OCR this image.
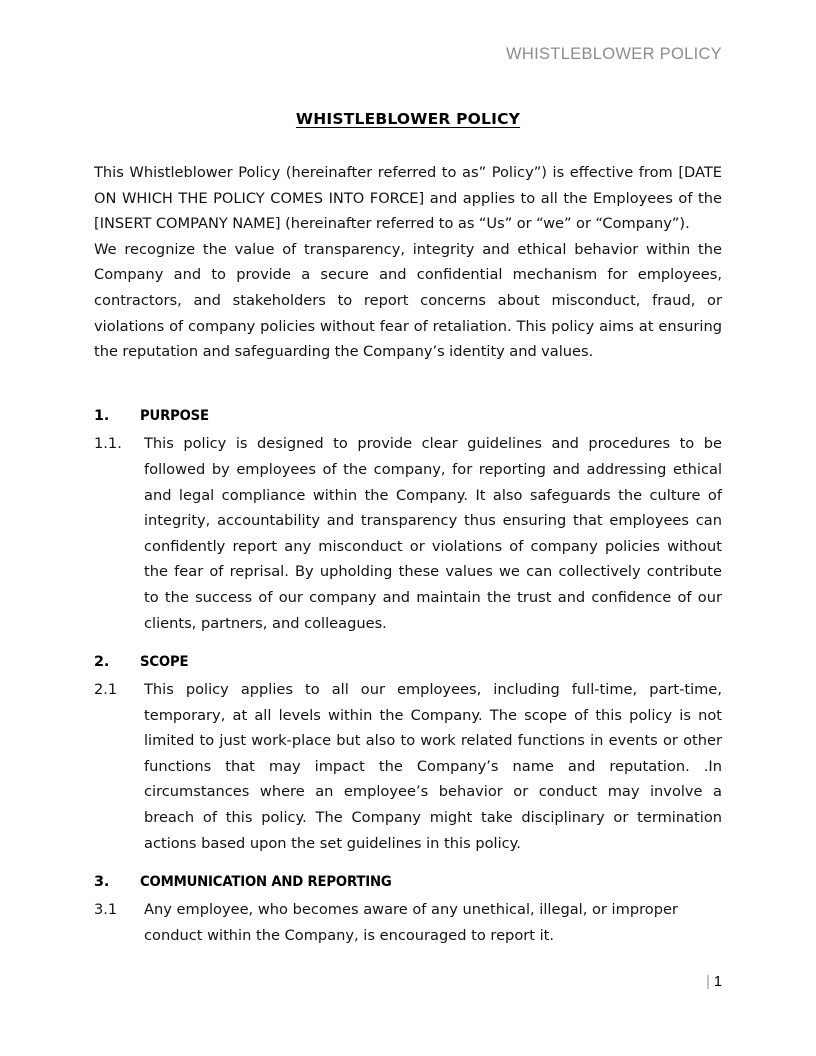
WHISTLEBLOWER POLICY
WHISTLEBLOWER POLICY

This Whistleblower Policy (hereinafter referred to as” Policy”) is effective from [DATE ON WHICH THE POLICY COMES INTO FORCE] and applies to all the Employees of the [INSERT COMPANY NAME] (hereinafter referred to as “Us” or “we” or “Company”).

We recognize the value of transparency, integrity and ethical behavior within the Company and to provide a secure and confidential mechanism for employees, contractors, and stakeholders to report concerns about misconduct, fraud, or violations of company policies without fear of retaliation. This policy aims at ensuring the reputation and safeguarding the Company’s identity and values.

1.	PURPOSE
1.1.	This policy is designed to provide clear guidelines and procedures to be followed by employees of the company, for reporting and addressing ethical and legal compliance within the Company. It also safeguards the culture of integrity, accountability and transparency thus ensuring that employees can confidently report any misconduct or violations of company policies without the fear of reprisal. By upholding these values we can collectively contribute to the success of our company and maintain the trust and confidence of our clients, partners, and colleagues.
2.	SCOPE
2.1	This policy applies to all our employees, including full-time, part-time, temporary, at all levels within the Company. The scope of this policy is not limited to just work-place but also to work related functions in events or other functions that may impact the Company’s name and reputation. .In circumstances where an employee’s behavior or conduct may involve a breach of this policy. The Company might take disciplinary or termination actions based upon the set guidelines in this policy.
3.	COMMUNICATION AND REPORTING
3.1	Any employee, who becomes aware of any unethical, illegal, or improper conduct within the Company, is encouraged to report it.
| 1
